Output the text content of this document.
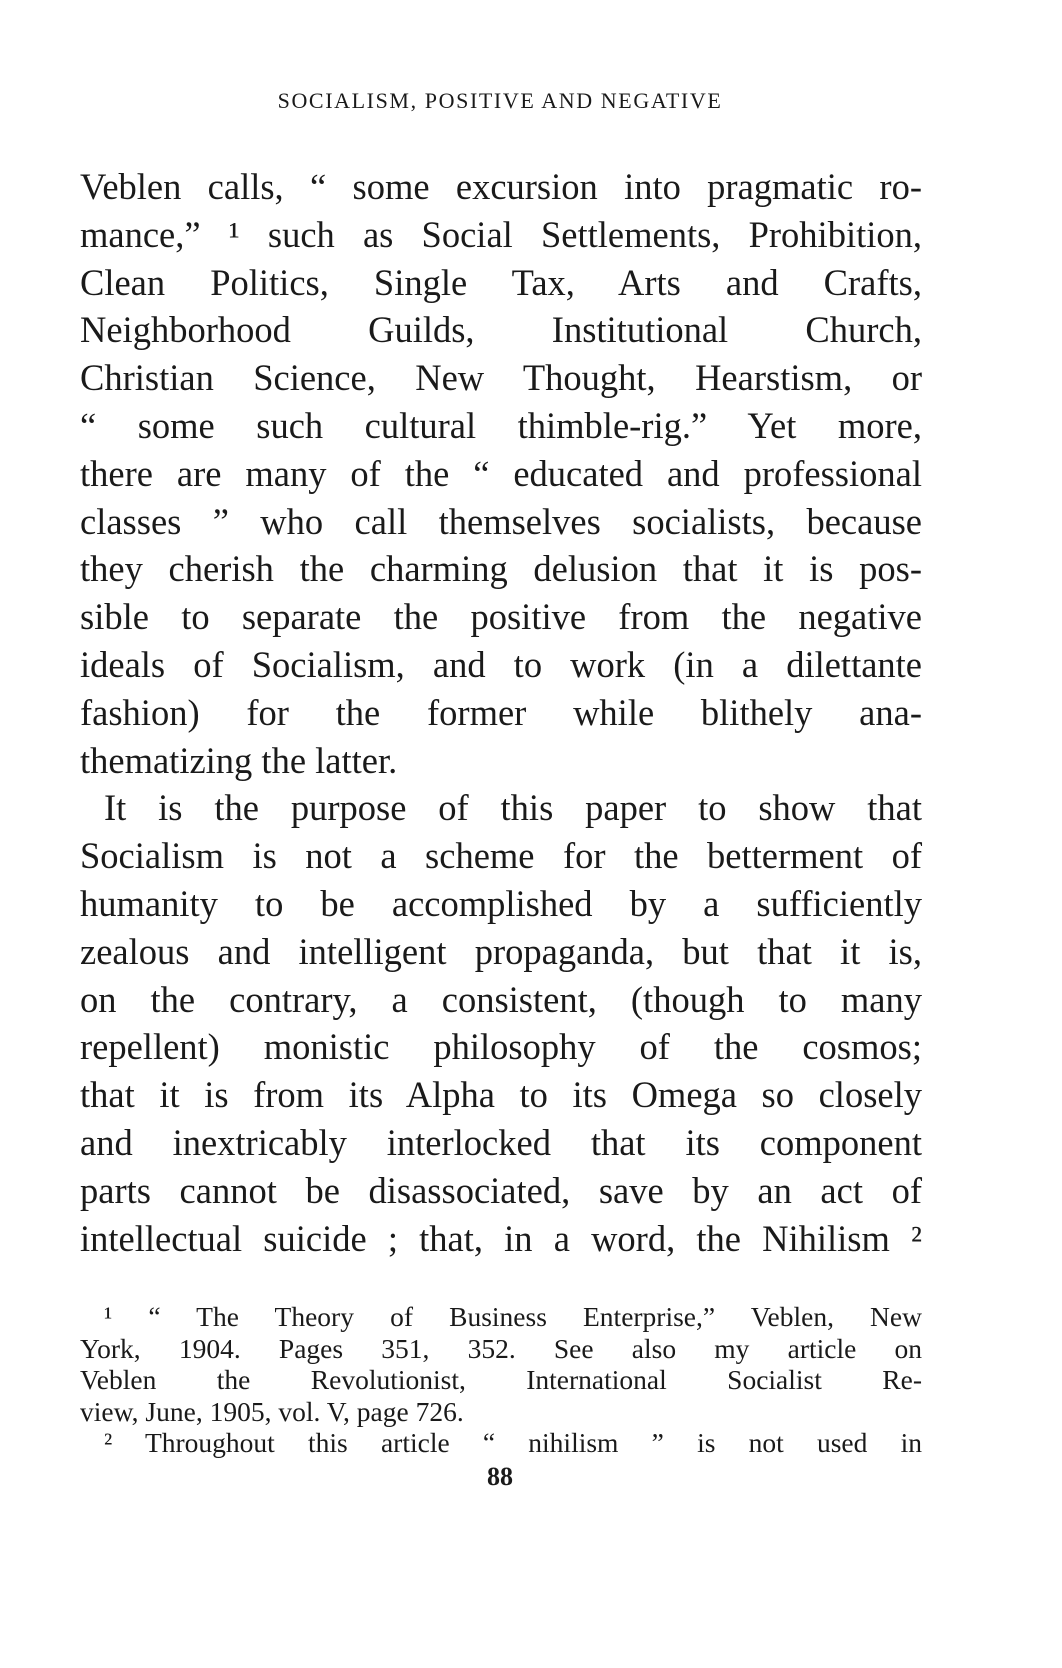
SOCIALISM, POSITIVE AND NEGATIVE
Veblen calls, “ some excursion into pragmatic ro-
mance,” ¹ such as Social Settlements, Prohibition,
Clean Politics, Single Tax, Arts and Crafts,
Neighborhood Guilds, Institutional Church,
Christian Science, New Thought, Hearstism, or
“ some such cultural thimble-rig.” Yet more,
there are many of the “ educated and professional
classes ” who call themselves socialists, because
they cherish the charming delusion that it is pos-
sible to separate the positive from the negative
ideals of Socialism, and to work (in a dilettante
fashion) for the former while blithely ana-
thematizing the latter.
It is the purpose of this paper to show that
Socialism is not a scheme for the betterment of
humanity to be accomplished by a sufficiently
zealous and intelligent propaganda, but that it is,
on the contrary, a consistent, (though to many
repellent) monistic philosophy of the cosmos;
that it is from its Alpha to its Omega so closely
and inextricably interlocked that its component
parts cannot be disassociated, save by an act of
intellectual suicide ; that, in a word, the Nihilism ²
¹ “ The Theory of Business Enterprise,” Veblen, New
York, 1904. Pages 351, 352. See also my article on
Veblen the Revolutionist, International Socialist Re-
view, June, 1905, vol. V, page 726.
² Throughout this article “ nihilism ” is not used in
88
